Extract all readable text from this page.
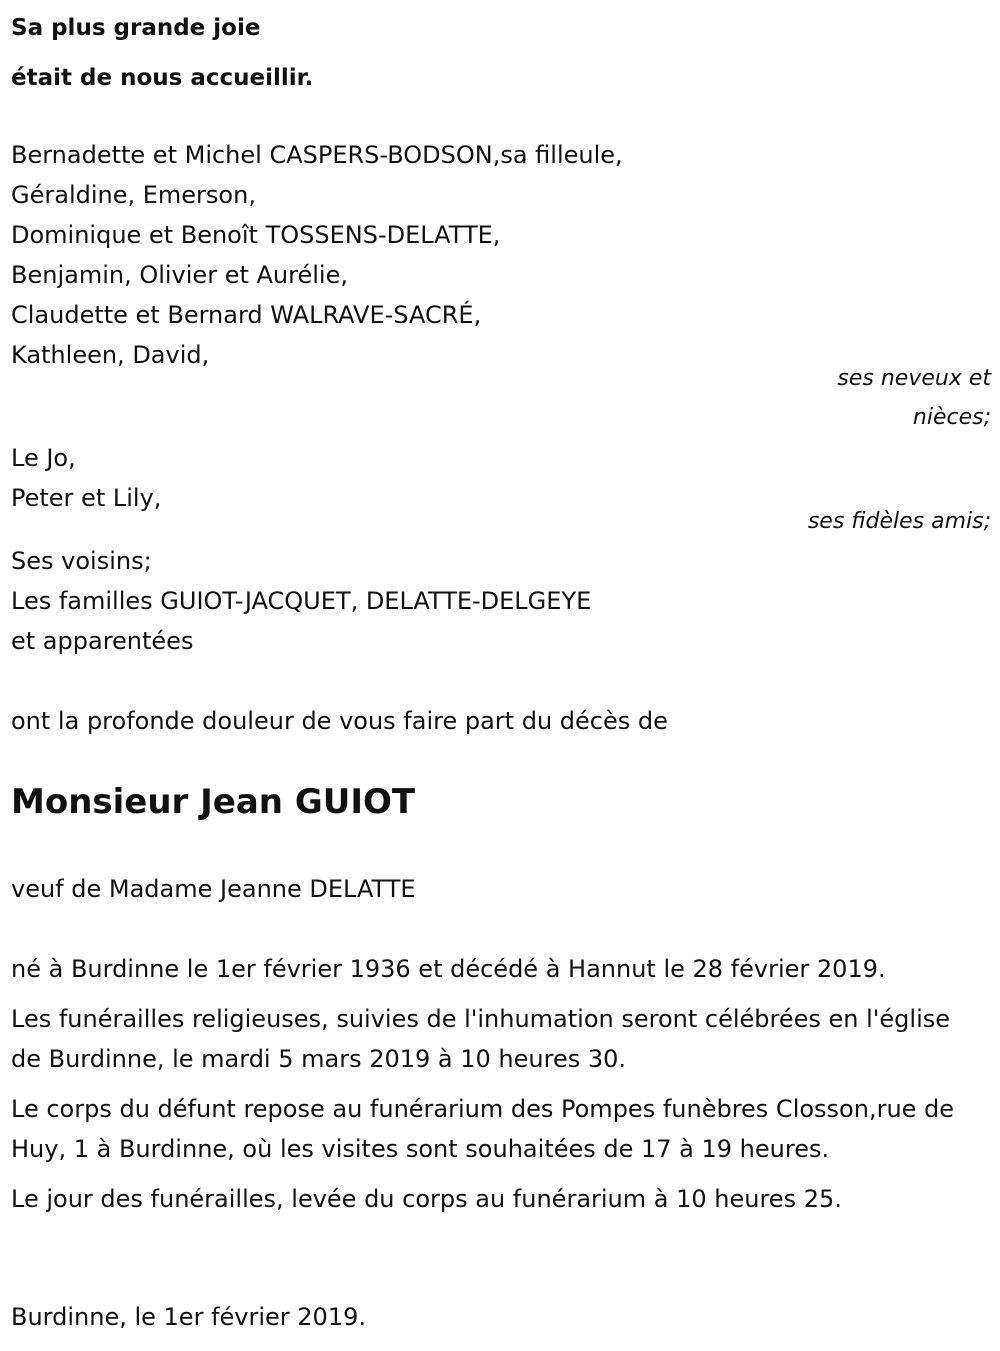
Sa plus grande joie
était de nous accueillir.
Bernadette et Michel CASPERS-BODSON,sa filleule,
Géraldine, Emerson,
Dominique et Benoît TOSSENS-DELATTE,
Benjamin, Olivier et Aurélie,
Claudette et Bernard WALRAVE-SACRÉ,
Kathleen, David,
ses neveux et
nièces;
Le Jo,
Peter et Lily,
ses fidèles amis;
Ses voisins;
Les familles GUIOT-JACQUET, DELATTE-DELGEYE
et apparentées
ont la profonde douleur de vous faire part du décès de
Monsieur Jean GUIOT
veuf de Madame Jeanne DELATTE
né à Burdinne le 1er février 1936 et décédé à Hannut le 28 février 2019.
Les funérailles religieuses, suivies de l'inhumation seront célébrées en l'église de Burdinne, le mardi 5 mars 2019 à 10 heures 30.
Le corps du défunt repose au funérarium des Pompes funèbres Closson,rue de Huy, 1 à Burdinne, où les visites sont souhaitées de 17 à 19 heures.
Le jour des funérailles, levée du corps au funérarium à 10 heures 25.
Burdinne, le 1er février 2019.
